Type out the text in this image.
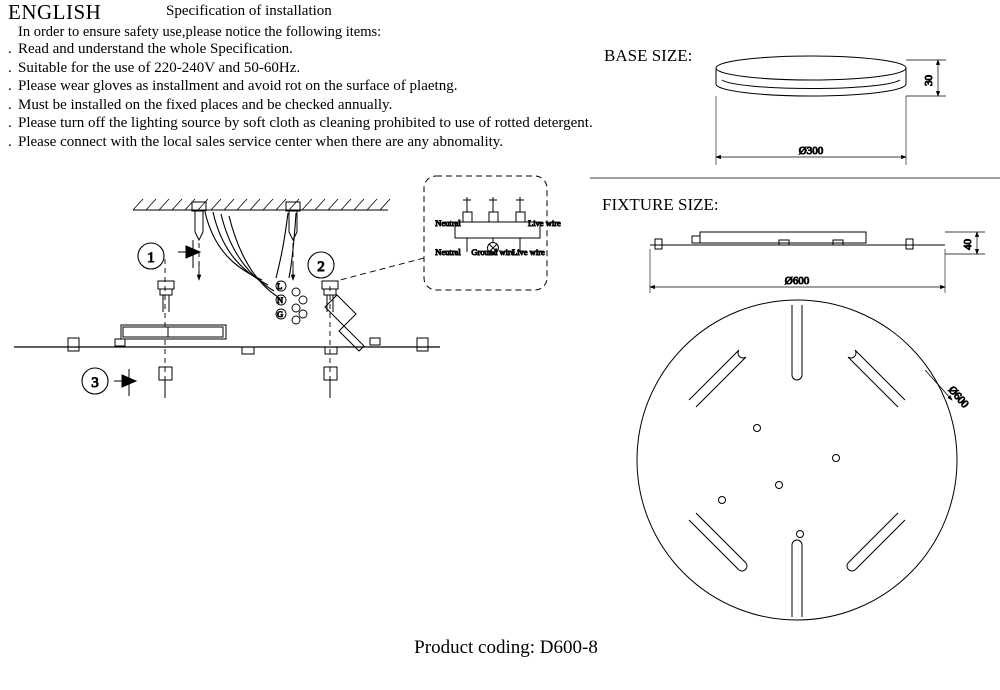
ENGLISH	Specification of installation
In order to ensure safety use,please notice the following items:
. Read and understand the whole Specification.
. Suitable for the use of 220-240V and 50-60Hz.
. Please wear gloves as installment and avoid rot on the surface of plaetng.
. Must be installed on the fixed places and be checked annually.
. Please turn off the lighting source by soft cloth as cleaning prohibited to use of rotted detergent.
. Please connect with the local sales service center when there are any abnomality.
BASE SIZE:
FIXTURE SIZE:
Product coding: D600-8
30
Ø300
40
Ø600
Ø600
L
N
G
1
2
3
Neutral	Live wire
Neutral Ground wire
Live wire
